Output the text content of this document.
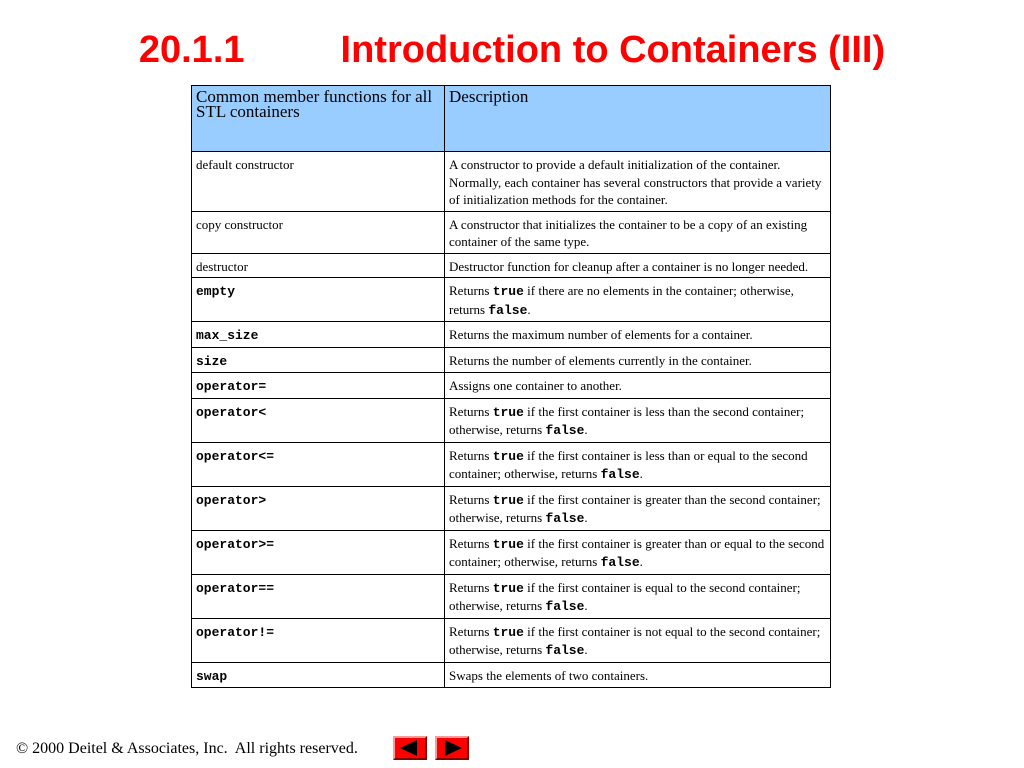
20.1.1	Introduction to Containers (III)
Common member functions for all STL containers	Description
default constructor	A constructor to provide a default initialization of the container. Normally, each container has several constructors that provide a variety of initialization methods for the container.
copy constructor	A constructor that initializes the container to be a copy of an existing container of the same type.
destructor	Destructor function for cleanup after a container is no longer needed.
empty	Returns true if there are no elements in the container; otherwise, returns false.
max_size	Returns the maximum number of elements for a container.
size	Returns the number of elements currently in the container.
operator=	Assigns one container to another.
operator<	Returns true if the first container is less than the second container; otherwise, returns false.
operator<=	Returns true if the first container is less than or equal to the second container; otherwise, returns false.
operator>	Returns true if the first container is greater than the second container; otherwise, returns false.
operator>=	Returns true if the first container is greater than or equal to the second container; otherwise, returns false.
operator==	Returns true if the first container is equal to the second container; otherwise, returns false.
operator!=	Returns true if the first container is not equal to the second container; otherwise, returns false.
swap	Swaps the elements of two containers.
© 2000 Deitel & Associates, Inc.  All rights reserved.
